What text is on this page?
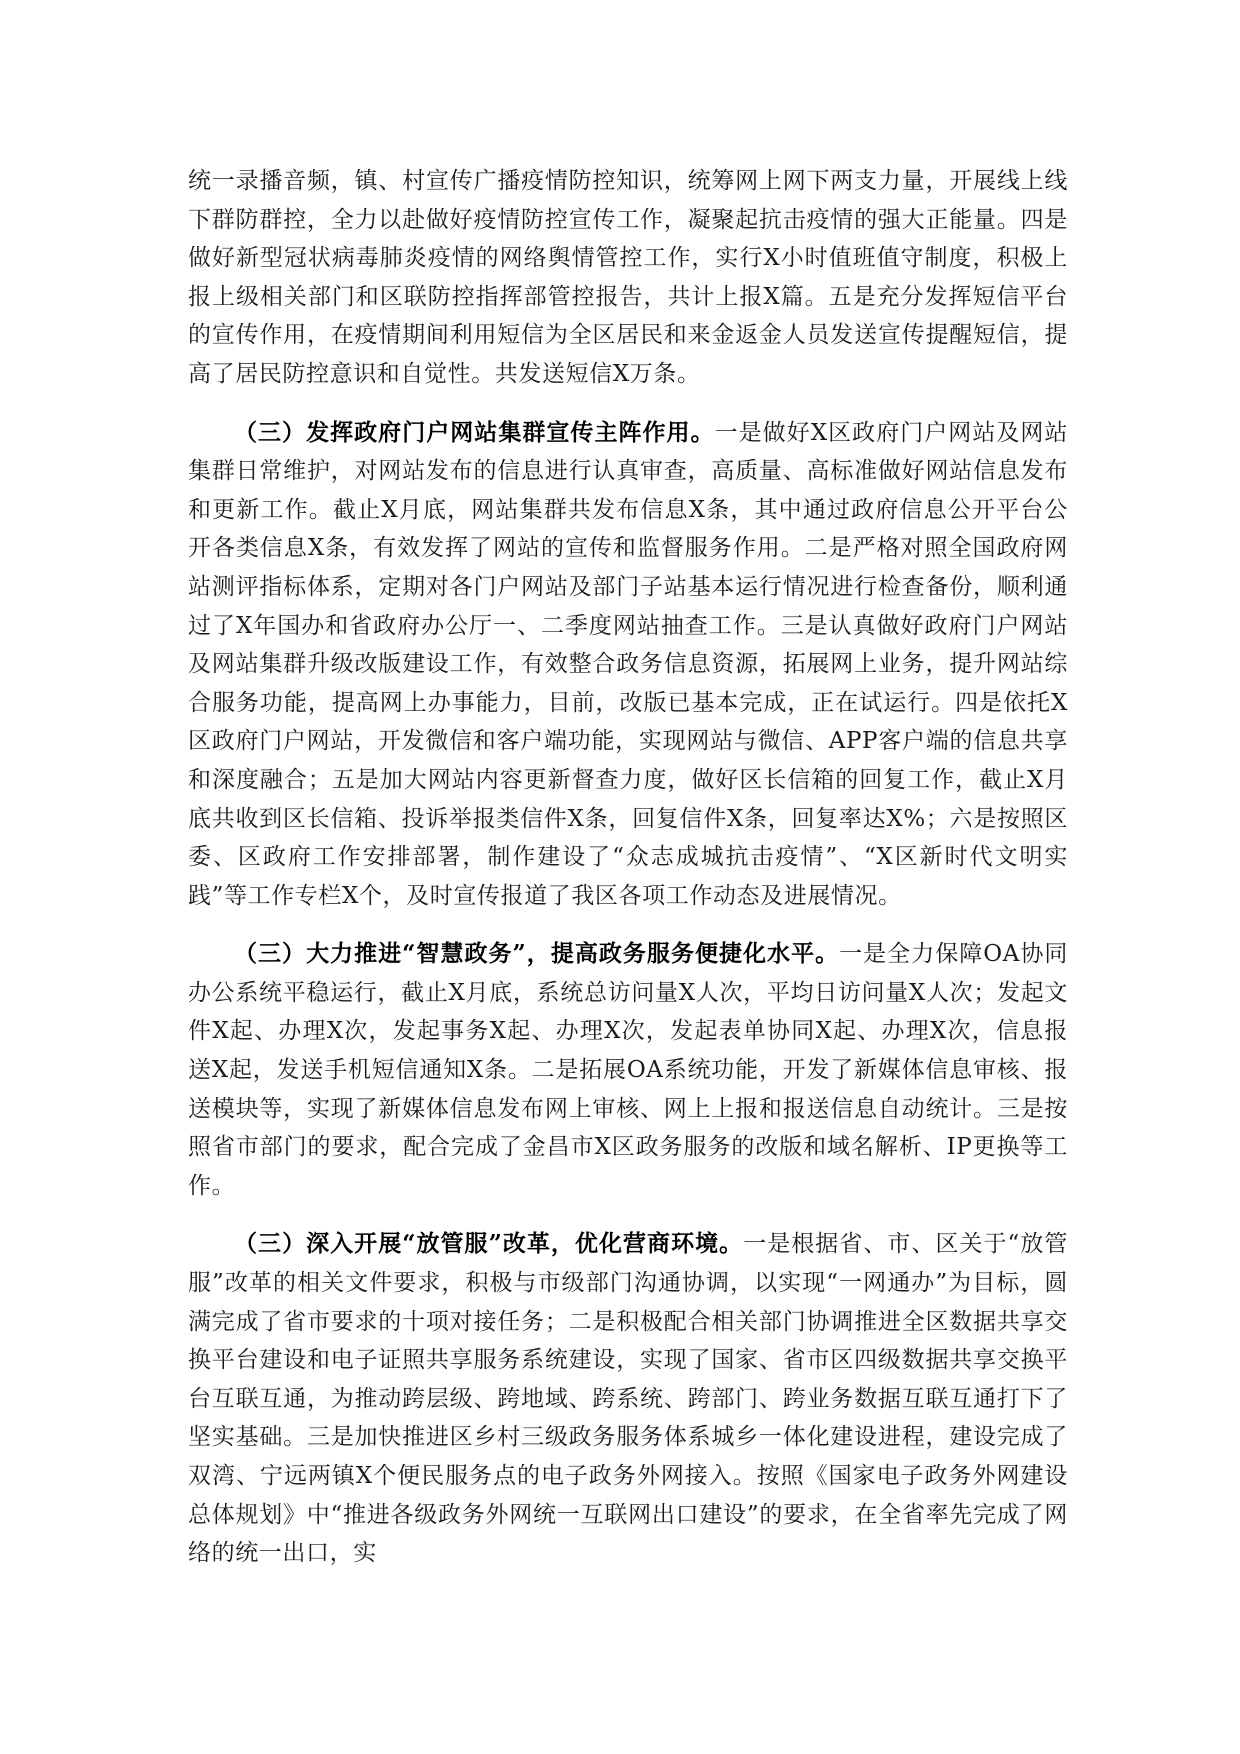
统一录播音频，镇、村宣传广播疫情防控知识，统筹网上网下两支力量，开展线上线下群防群控，全力以赴做好疫情防控宣传工作，凝聚起抗击疫情的强大正能量。四是做好新型冠状病毒肺炎疫情的网络舆情管控工作，实行X小时值班值守制度，积极上报上级相关部门和区联防控指挥部管控报告，共计上报X篇。五是充分发挥短信平台的宣传作用，在疫情期间利用短信为全区居民和来金返金人员发送宣传提醒短信，提高了居民防控意识和自觉性。共发送短信X万条。

（三）发挥政府门户网站集群宣传主阵作用。一是做好X区政府门户网站及网站集群日常维护，对网站发布的信息进行认真审查，高质量、高标准做好网站信息发布和更新工作。截止X月底，网站集群共发布信息X条，其中通过政府信息公开平台公开各类信息X条，有效发挥了网站的宣传和监督服务作用。二是严格对照全国政府网站测评指标体系，定期对各门户网站及部门子站基本运行情况进行检查备份，顺利通过了X年国办和省政府办公厅一、二季度网站抽查工作。三是认真做好政府门户网站及网站集群升级改版建设工作，有效整合政务信息资源，拓展网上业务，提升网站综合服务功能，提高网上办事能力，目前，改版已基本完成，正在试运行。四是依托X区政府门户网站，开发微信和客户端功能，实现网站与微信、APP客户端的信息共享和深度融合；五是加大网站内容更新督查力度，做好区长信箱的回复工作，截止X月底共收到区长信箱、投诉举报类信件X条，回复信件X条，回复率达X%；六是按照区委、区政府工作安排部署，制作建设了“众志成城抗击疫情”、“X区新时代文明实践”等工作专栏X个，及时宣传报道了我区各项工作动态及进展情况。

（三）大力推进“智慧政务”，提高政务服务便捷化水平。一是全力保障OA协同办公系统平稳运行，截止X月底，系统总访问量X人次，平均日访问量X人次；发起文件X起、办理X次，发起事务X起、办理X次，发起表单协同X起、办理X次，信息报送X起，发送手机短信通知X条。二是拓展OA系统功能，开发了新媒体信息审核、报送模块等，实现了新媒体信息发布网上审核、网上上报和报送信息自动统计。三是按照省市部门的要求，配合完成了金昌市X区政务服务的改版和域名解析、IP更换等工作。

（三）深入开展“放管服”改革，优化营商环境。一是根据省、市、区关于“放管服”改革的相关文件要求，积极与市级部门沟通协调，以实现“一网通办”为目标，圆满完成了省市要求的十项对接任务；二是积极配合相关部门协调推进全区数据共享交换平台建设和电子证照共享服务系统建设，实现了国家、省市区四级数据共享交换平台互联互通，为推动跨层级、跨地域、跨系统、跨部门、跨业务数据互联互通打下了坚实基础。三是加快推进区乡村三级政务服务体系城乡一体化建设进程，建设完成了双湾、宁远两镇X个便民服务点的电子政务外网接入。按照《国家电子政务外网建设总体规划》中“推进各级政务外网统一互联网出口建设”的要求，在全省率先完成了网络的统一出口，实
